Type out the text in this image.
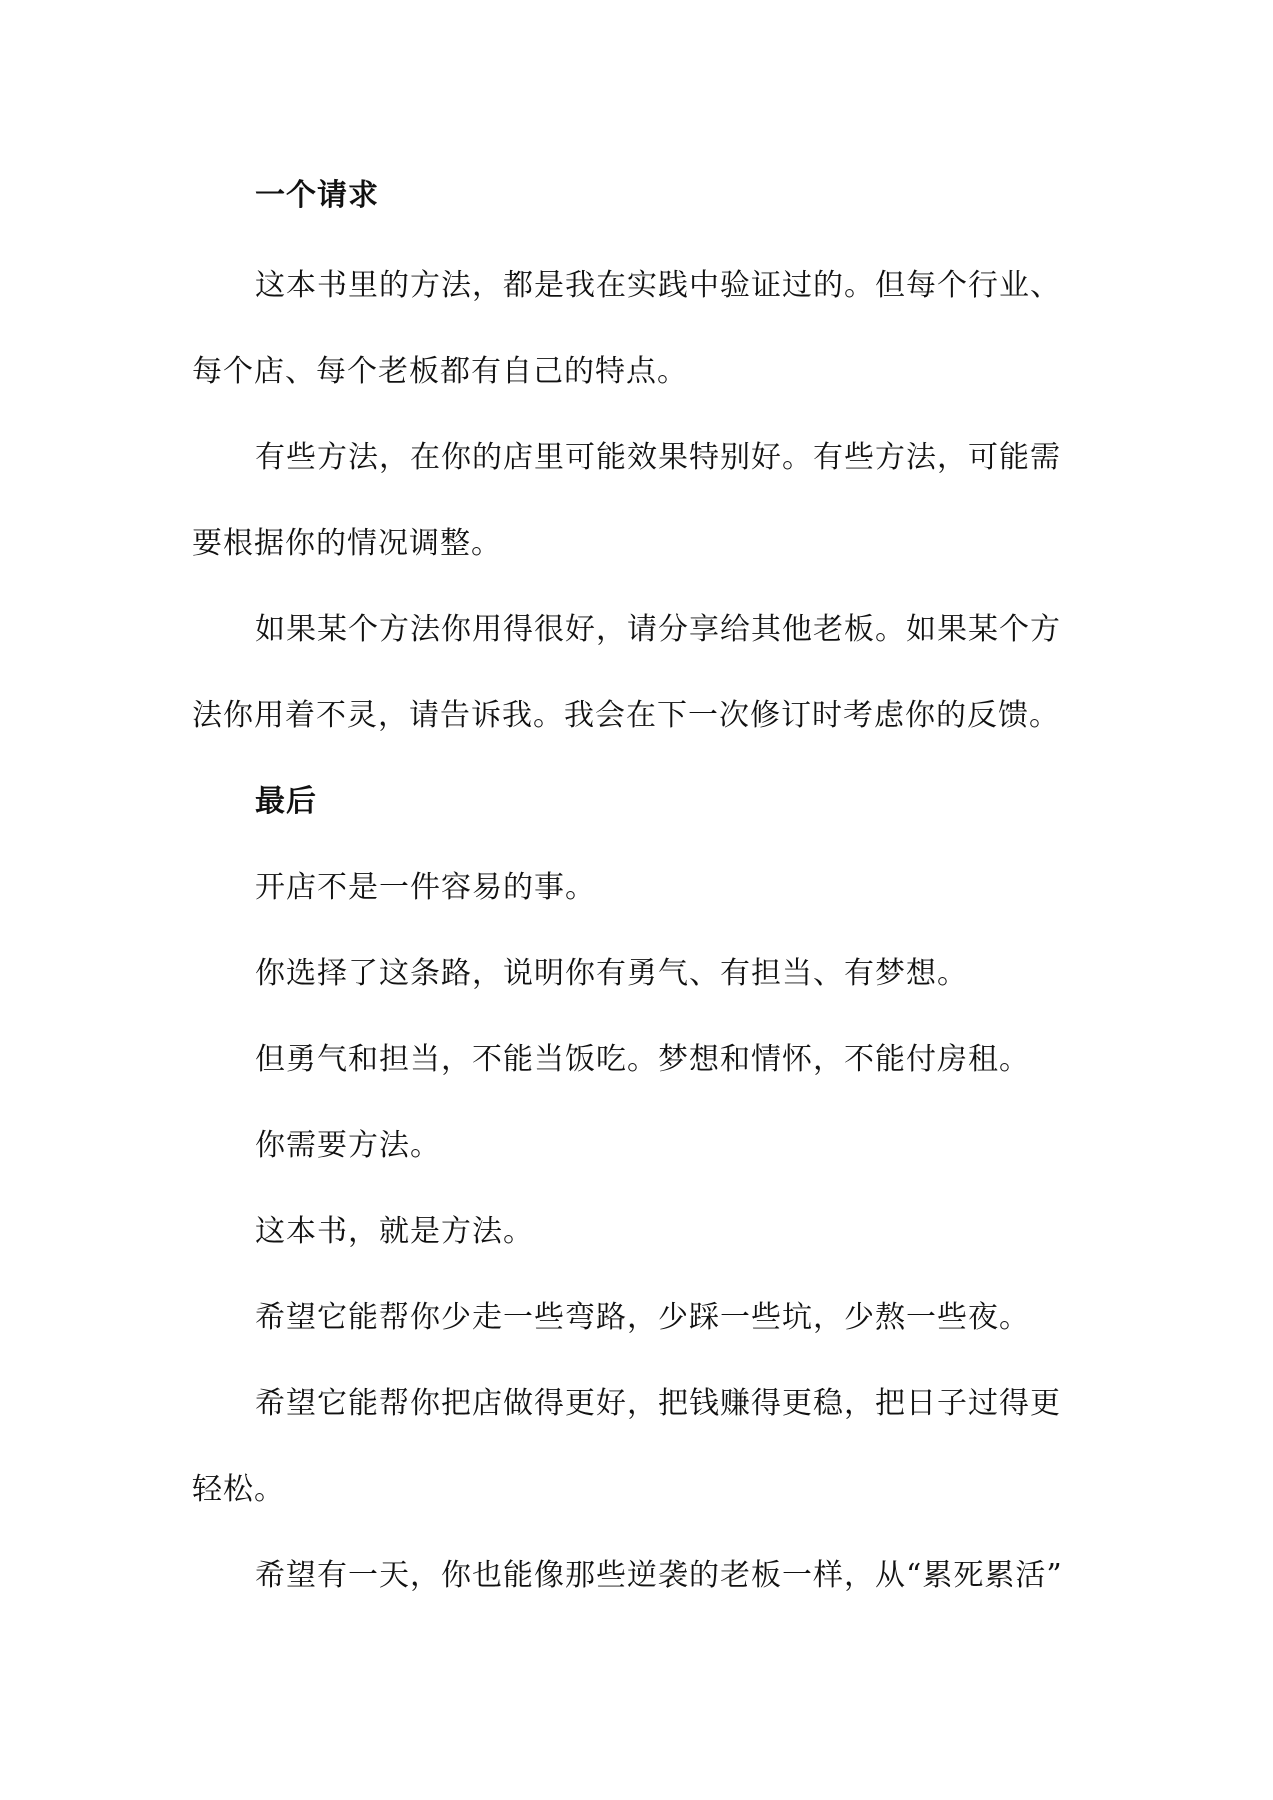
一个请求
这本书里的方法，都是我在实践中验证过的。但每个行业、
每个店、每个老板都有自己的特点。
有些方法，在你的店里可能效果特别好。有些方法，可能需
要根据你的情况调整。
如果某个方法你用得很好，请分享给其他老板。如果某个方
法你用着不灵，请告诉我。我会在下一次修订时考虑你的反馈。
最后
开店不是一件容易的事。
你选择了这条路，说明你有勇气、有担当、有梦想。
但勇气和担当，不能当饭吃。梦想和情怀，不能付房租。
你需要方法。
这本书，就是方法。
希望它能帮你少走一些弯路，少踩一些坑，少熬一些夜。
希望它能帮你把店做得更好，把钱赚得更稳，把日子过得更
轻松。
希望有一天，你也能像那些逆袭的老板一样，从“累死累活”
